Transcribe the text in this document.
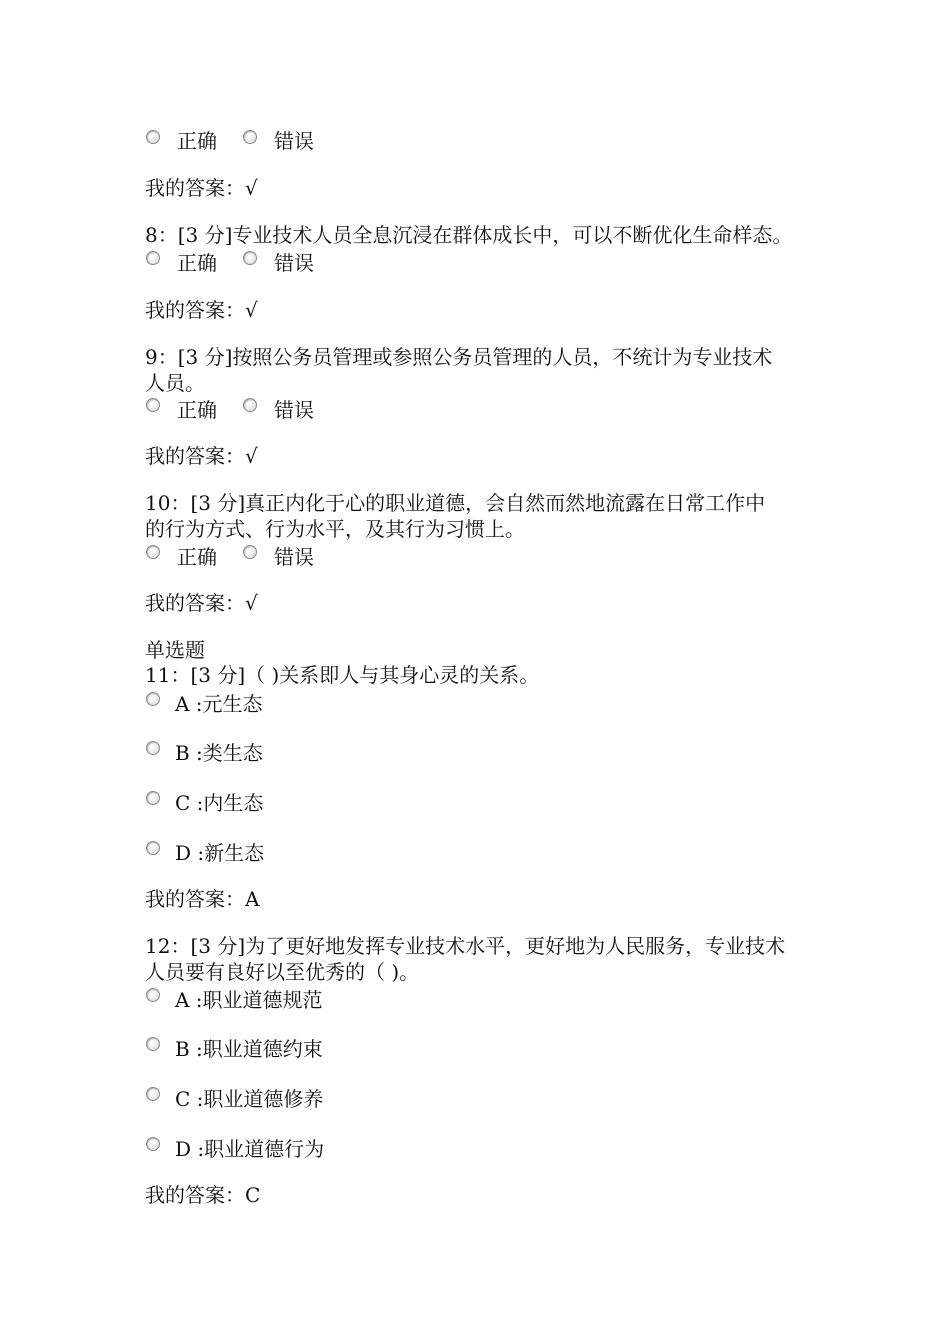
正确	错误
我的答案：√
8：[3 分]专业技术人员全息沉浸在群体成长中，可以不断优化生命样态。
正确	错误
我的答案：√
9：[3 分]按照公务员管理或参照公务员管理的人员，不统计为专业技术
人员。
正确	错误
我的答案：√
10：[3 分]真正内化于心的职业道德，会自然而然地流露在日常工作中
的行为方式、行为水平，及其行为习惯上。
正确	错误
我的答案：√
单选题
11：[3 分]（ )关系即人与其身心灵的关系。
A :元生态
B :类生态
C :内生态
D :新生态
我的答案：A
12：[3 分]为了更好地发挥专业技术水平，更好地为人民服务，专业技术
人员要有良好以至优秀的（ )。
A :职业道德规范
B :职业道德约束
C :职业道德修养
D :职业道德行为
我的答案：C
